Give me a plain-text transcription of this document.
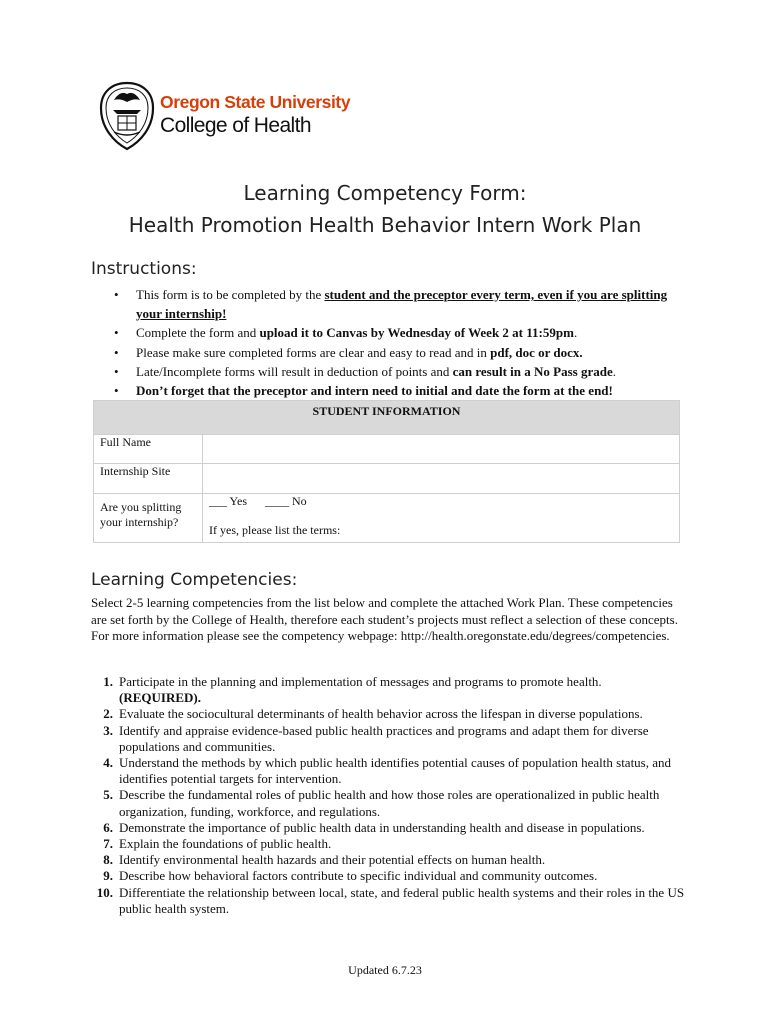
Oregon State University
College of Health
Learning Competency Form:
Health Promotion Health Behavior Intern Work Plan
Instructions:
• This form is to be completed by the student and the preceptor every term, even if you are splitting your internship!
• Complete the form and upload it to Canvas by Wednesday of Week 2 at 11:59pm.
• Please make sure completed forms are clear and easy to read and in pdf, doc or docx.
• Late/Incomplete forms will result in deduction of points and can result in a No Pass grade.
• Don’t forget that the preceptor and intern need to initial and date the form at the end!
STUDENT INFORMATION	
Full Name	
Internship Site	
Are you splitting your internship?	___ Yes ____ No
If yes, please list the terms:
Learning Competencies:
Select 2-5 learning competencies from the list below and complete the attached Work Plan. These competencies are set forth by the College of Health, therefore each student’s projects must reflect a selection of these concepts. For more information please see the competency webpage: http://health.oregonstate.edu/degrees/competencies.
1. Participate in the planning and implementation of messages and programs to promote health.
(REQUIRED).
2. Evaluate the sociocultural determinants of health behavior across the lifespan in diverse populations.
3. Identify and appraise evidence-based public health practices and programs and adapt them for diverse populations and communities.
4. Understand the methods by which public health identifies potential causes of population health status, and identifies potential targets for intervention.
5. Describe the fundamental roles of public health and how those roles are operationalized in public health organization, funding, workforce, and regulations.
6. Demonstrate the importance of public health data in understanding health and disease in populations.
7. Explain the foundations of public health.
8. Identify environmental health hazards and their potential effects on human health.
9. Describe how behavioral factors contribute to specific individual and community outcomes.
10. Differentiate the relationship between local, state, and federal public health systems and their roles in the US public health system.
Updated 6.7.23
